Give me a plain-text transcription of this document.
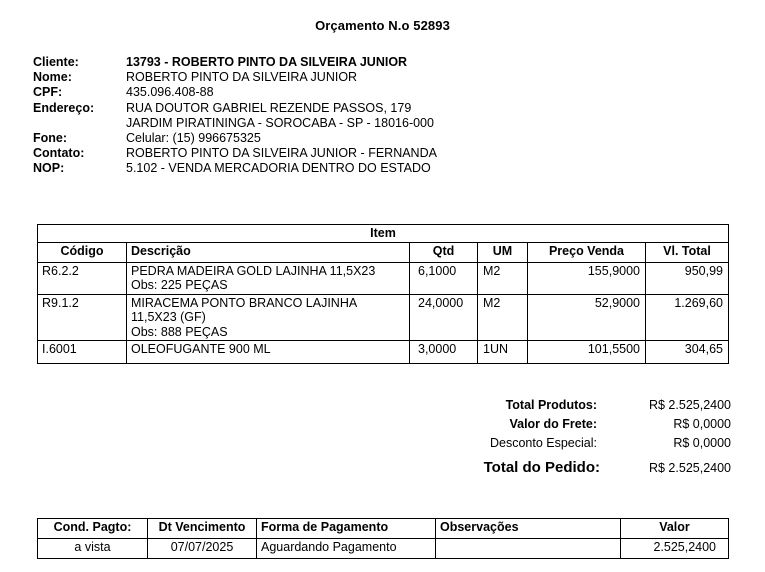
Orçamento N.o 52893
Cliente:	13793 - ROBERTO PINTO DA SILVEIRA JUNIOR
Nome:	ROBERTO PINTO DA SILVEIRA JUNIOR
CPF:	435.096.408-88
Endereço:	RUA DOUTOR GABRIEL REZENDE PASSOS, 179
JARDIM PIRATININGA - SOROCABA - SP - 18016-000
Fone:	Celular: (15) 996675325
Contato:	ROBERTO PINTO DA SILVEIRA JUNIOR - FERNANDA
NOP:	5.102 - VENDA MERCADORIA DENTRO DO ESTADO
Item					
Código	Descrição	Qtd	UM	Preço Venda	Vl. Total
R6.2.2	PEDRA MADEIRA GOLD LAJINHA 11,5X23
Obs: 225 PEÇAS	6,1000	M2	155,9000	950,99
R9.1.2	MIRACEMA PONTO BRANCO LAJINHA
11,5X23 (GF)
Obs: 888 PEÇAS	24,0000	M2	52,9000	1.269,60
I.6001	OLEOFUGANTE 900 ML	3,0000	1UN	101,5500	304,65
Total Produtos:	R$ 2.525,2400
Valor do Frete:	R$ 0,0000
Desconto Especial:	R$ 0,0000
Total do Pedido:	R$ 2.525,2400
Cond. Pagto:	Dt Vencimento	Forma de Pagamento	Observações	Valor
a vista	07/07/2025	Aguardando Pagamento		2.525,2400
